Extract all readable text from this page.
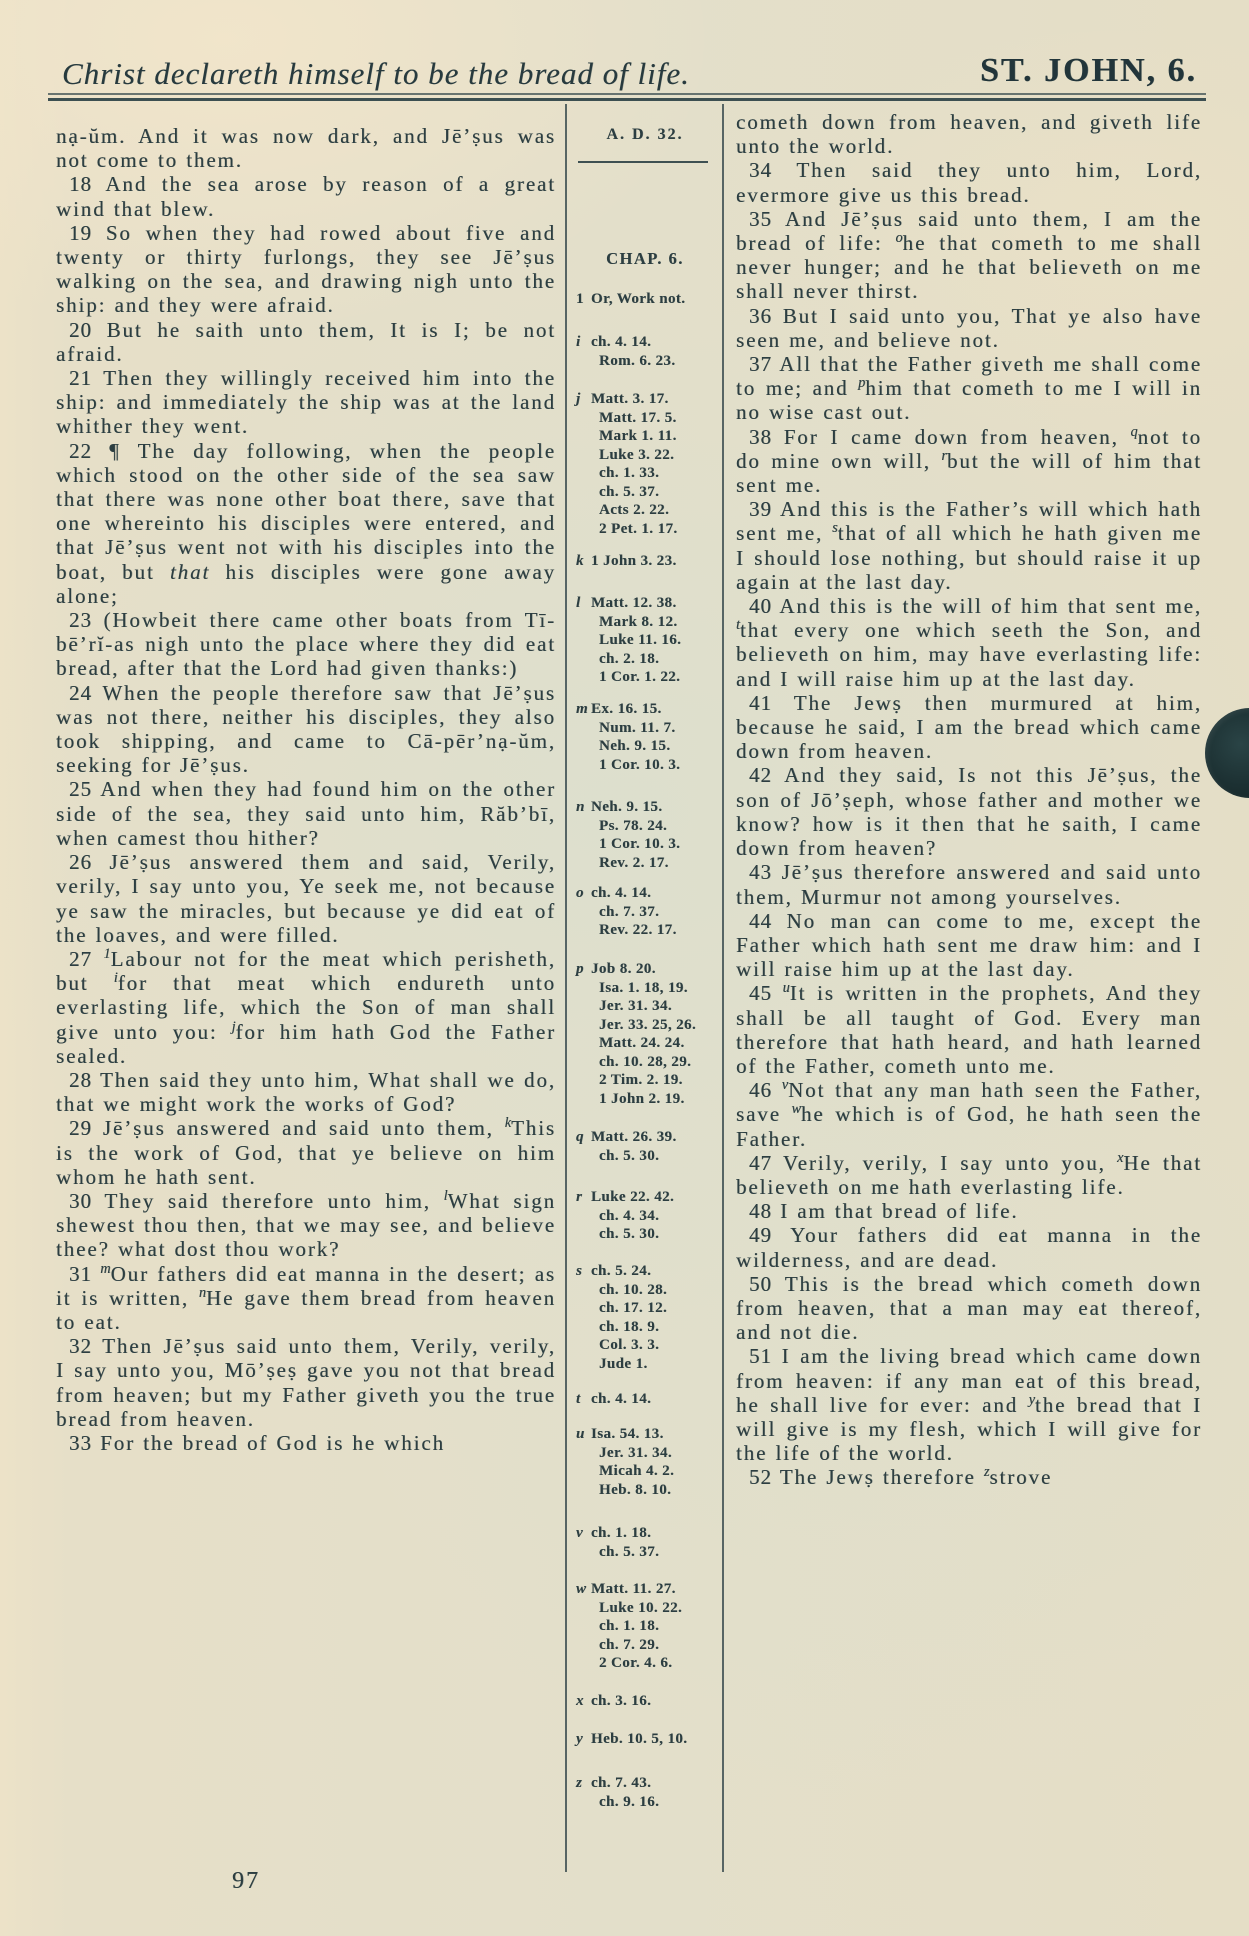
Christ declareth himself to be the bread of life.	ST. JOHN, 6.

nạ-ŭm. And it was now dark, and Jē’ṣus was not come to them.

18 And the sea arose by reason of a great wind that blew.

19 So when they had rowed about five and twenty or thirty furlongs, they see Jē’ṣus walking on the sea, and drawing nigh unto the ship: and they were afraid.

20 But he saith unto them, It is I; be not afraid.

21 Then they willingly received him into the ship: and immediately the ship was at the land whither they went.

22 ¶ The day following, when the people which stood on the other side of the sea saw that there was none other boat there, save that one whereinto his disciples were entered, and that Jē’ṣus went not with his disciples into the boat, but that his disciples were gone away alone;

23 (Howbeit there came other boats from Tī-bē’rĭ-as nigh unto the place where they did eat bread, after that the Lord had given thanks:)

24 When the people therefore saw that Jē’ṣus was not there, neither his disciples, they also took shipping, and came to Cā-pēr’nạ-ŭm, seeking for Jē’ṣus.

25 And when they had found him on the other side of the sea, they said unto him, Răb’bī, when camest thou hither?

26 Jē’ṣus answered them and said, Verily, verily, I say unto you, Ye seek me, not because ye saw the miracles, but because ye did eat of the loaves, and were filled.

27 $^1$Labour not for the meat which perisheth, but $^i$for that meat which endureth unto everlasting life, which the Son of man shall give unto you: $^j$for him hath God the Father sealed.

28 Then said they unto him, What shall we do, that we might work the works of God?

29 Jē’ṣus answered and said unto them, $^k$This is the work of God, that ye believe on him whom he hath sent.

30 They said therefore unto him, $^l$What sign shewest thou then, that we may see, and believe thee? what dost thou work?

31 $^m$Our fathers did eat manna in the desert; as it is written, $^n$He gave them bread from heaven to eat.

32 Then Jē’ṣus said unto them, Verily, verily, I say unto you, Mō’ṣeṣ gave you not that bread from heaven; but my Father giveth you the true bread from heaven.

33 For the bread of God is he which

A. D. 32.
CHAP. 6.
1 Or, Work not.
i ch. 4. 14.
Rom. 6. 23.
j Matt. 3. 17.
Matt. 17. 5.
Mark 1. 11.
Luke 3. 22.
ch. 1. 33.
ch. 5. 37.
Acts 2. 22.
2 Pet. 1. 17.
k 1 John 3. 23.
l Matt. 12. 38.
Mark 8. 12.
Luke 11. 16.
ch. 2. 18.
1 Cor. 1. 22.
m Ex. 16. 15.
Num. 11. 7.
Neh. 9. 15.
1 Cor. 10. 3.
n Neh. 9. 15.
Ps. 78. 24.
1 Cor. 10. 3.
Rev. 2. 17.
o ch. 4. 14.
ch. 7. 37.
Rev. 22. 17.
p Job 8. 20.
Isa. 1. 18, 19.
Jer. 31. 34.
Jer. 33. 25, 26.
Matt. 24. 24.
ch. 10. 28, 29.
2 Tim. 2. 19.
1 John 2. 19.
q Matt. 26. 39.
ch. 5. 30.
r Luke 22. 42.
ch. 4. 34.
ch. 5. 30.
s ch. 5. 24.
ch. 10. 28.
ch. 17. 12.
ch. 18. 9.
Col. 3. 3.
Jude 1.
t ch. 4. 14.
u Isa. 54. 13.
Jer. 31. 34.
Micah 4. 2.
Heb. 8. 10.
v ch. 1. 18.
ch. 5. 37.
w Matt. 11. 27.
Luke 10. 22.
ch. 1. 18.
ch. 7. 29.
2 Cor. 4. 6.
x ch. 3. 16.
y Heb. 10. 5, 10.
z ch. 7. 43.
ch. 9. 16.

cometh down from heaven, and giveth life unto the world.

34 Then said they unto him, Lord, evermore give us this bread.

35 And Jē’ṣus said unto them, I am the bread of life: $^o$he that cometh to me shall never hunger; and he that believeth on me shall never thirst.

36 But I said unto you, That ye also have seen me, and believe not.

37 All that the Father giveth me shall come to me; and $^p$him that cometh to me I will in no wise cast out.

38 For I came down from heaven, $^q$not to do mine own will, $^r$but the will of him that sent me.

39 And this is the Father’s will which hath sent me, $^s$that of all which he hath given me I should lose nothing, but should raise it up again at the last day.

40 And this is the will of him that sent me, $^t$that every one which seeth the Son, and believeth on him, may have everlasting life: and I will raise him up at the last day.

41 The Jewṣ then murmured at him, because he said, I am the bread which came down from heaven.

42 And they said, Is not this Jē’ṣus, the son of Jō’ṣeph, whose father and mother we know? how is it then that he saith, I came down from heaven?

43 Jē’ṣus therefore answered and said unto them, Murmur not among yourselves.

44 No man can come to me, except the Father which hath sent me draw him: and I will raise him up at the last day.

45 $^u$It is written in the prophets, And they shall be all taught of God. Every man therefore that hath heard, and hath learned of the Father, cometh unto me.

46 $^v$Not that any man hath seen the Father, save $^w$he which is of God, he hath seen the Father.

47 Verily, verily, I say unto you, $^x$He that believeth on me hath everlasting life.

48 I am that bread of life.

49 Your fathers did eat manna in the wilderness, and are dead.

50 This is the bread which cometh down from heaven, that a man may eat thereof, and not die.

51 I am the living bread which came down from heaven: if any man eat of this bread, he shall live for ever: and $^y$the bread that I will give is my flesh, which I will give for the life of the world.

52 The Jewṣ therefore $^z$strove

97
